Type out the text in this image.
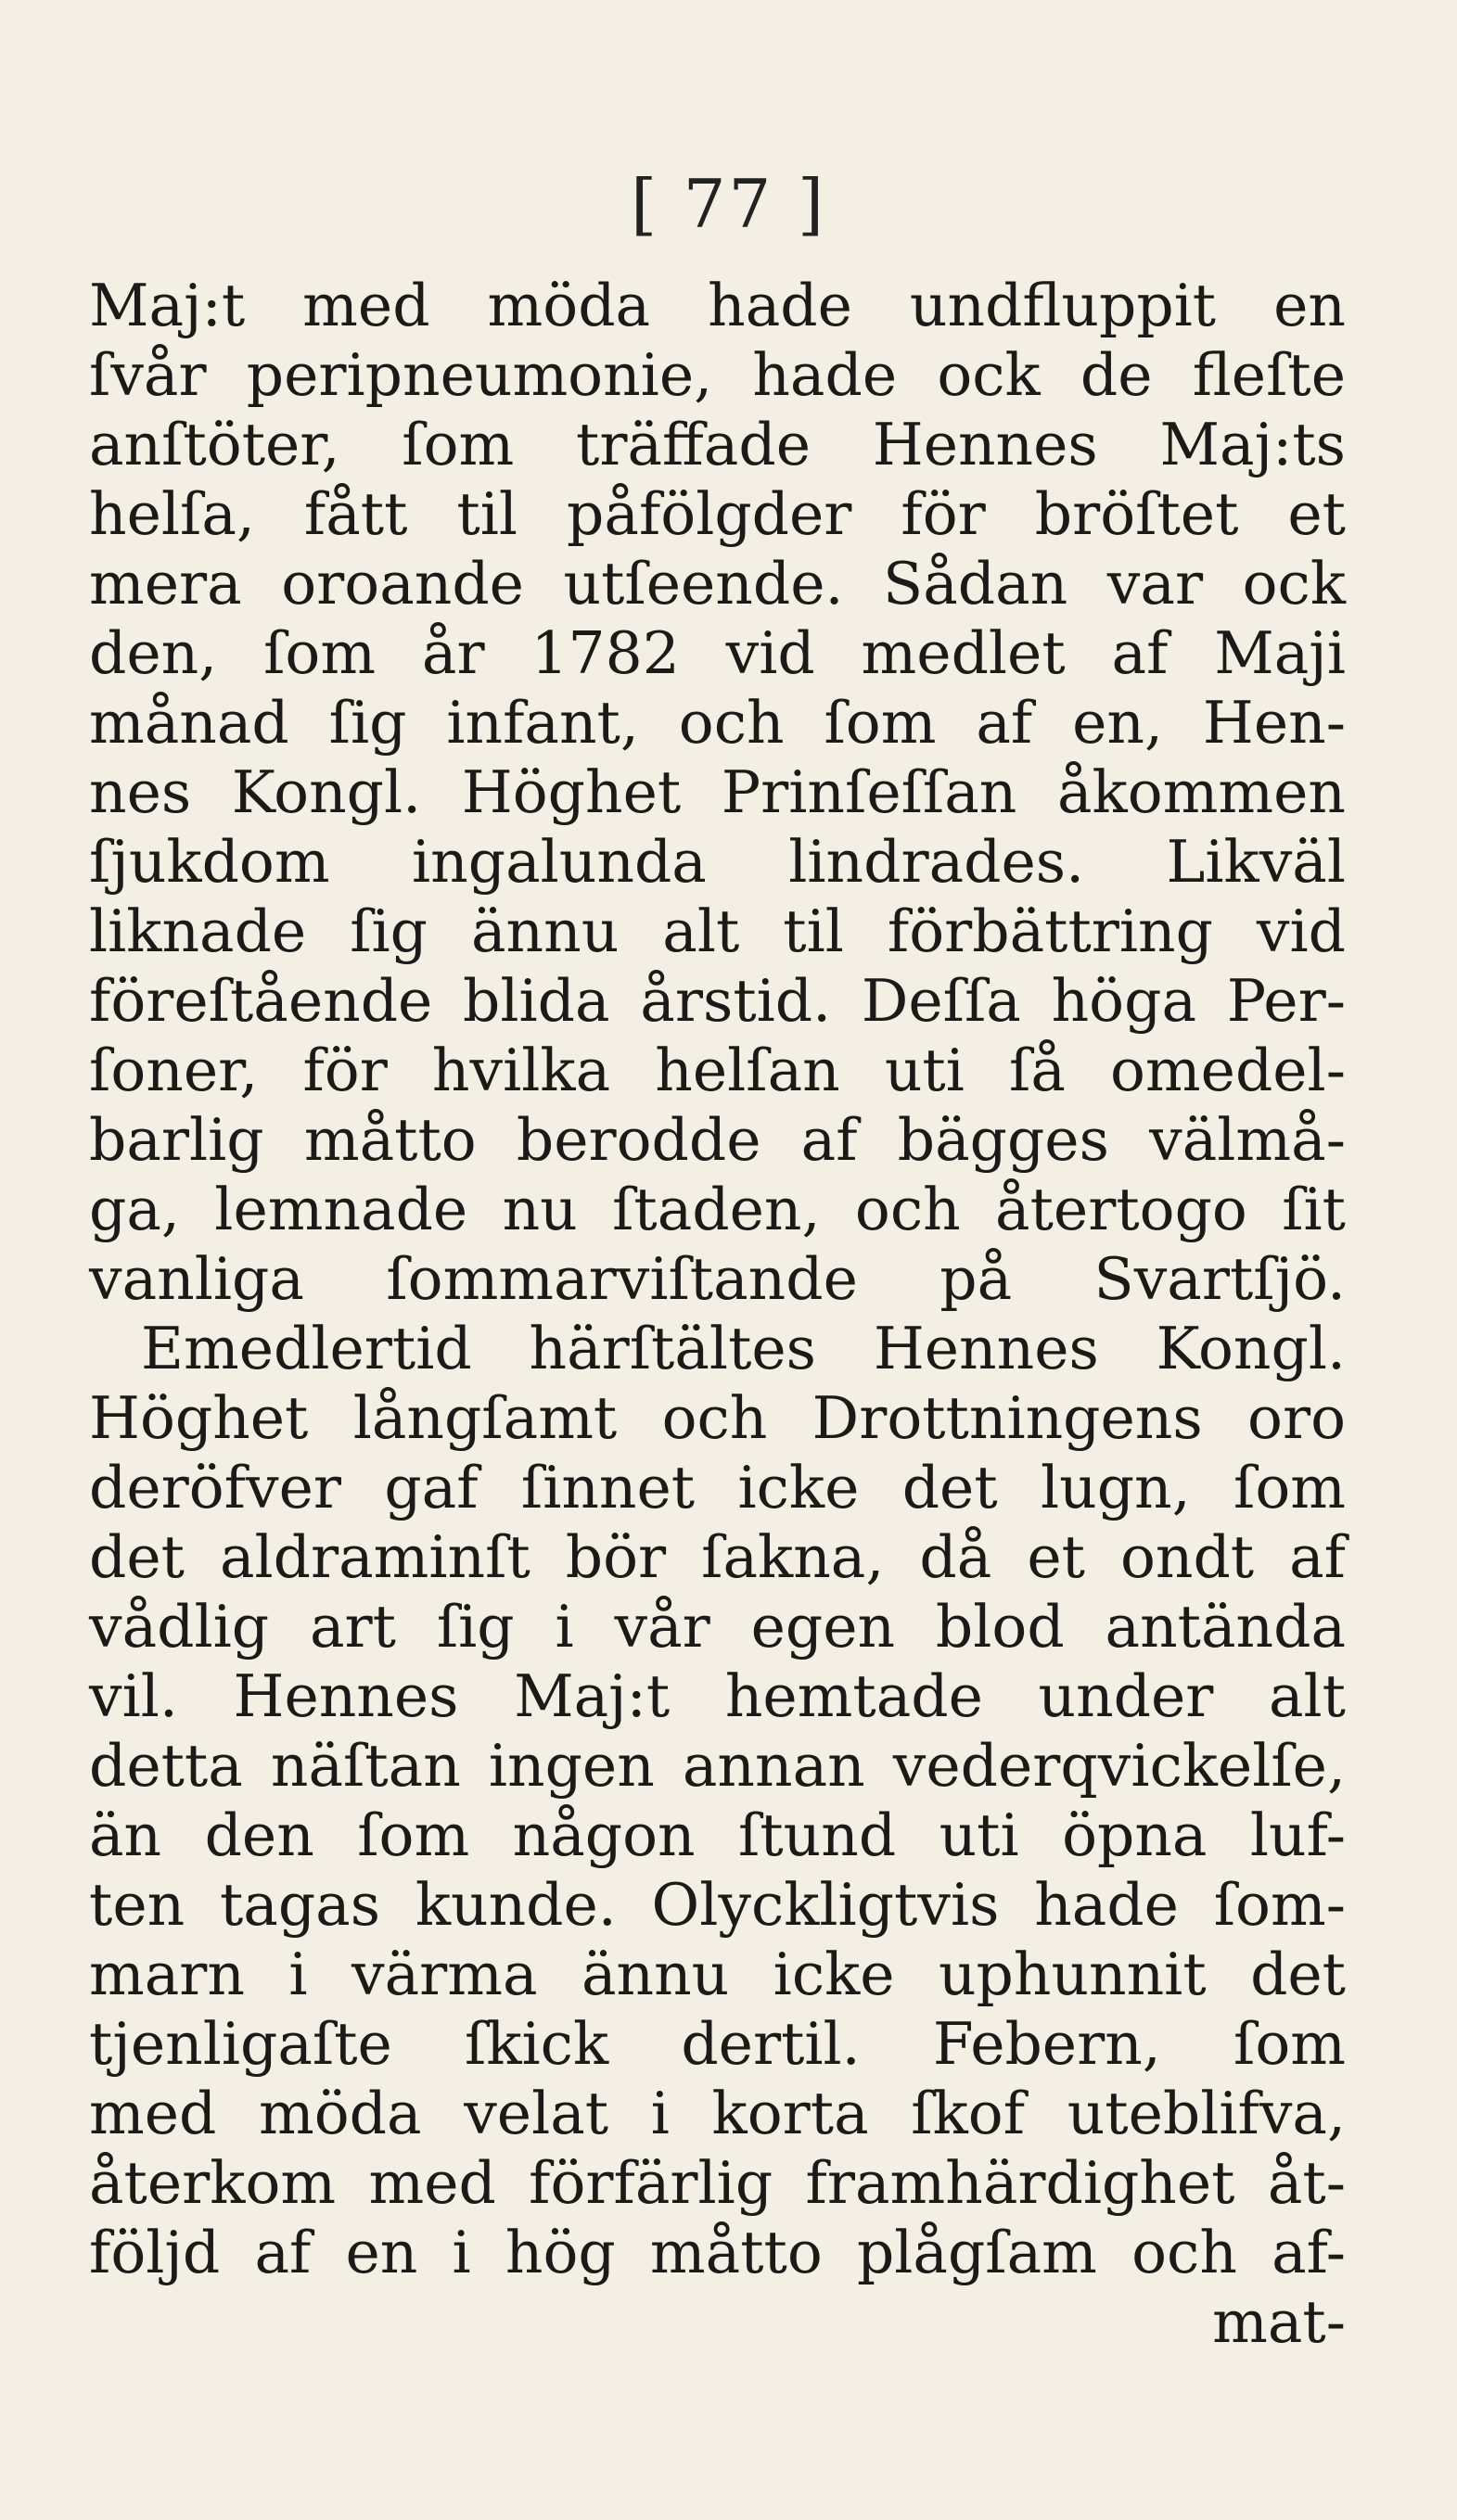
[ 77 ]
Maj:t med möda hade undfluppit en
ſvår peripneumonie, hade ock de fleſte
anſtöter, ſom träffade Hennes Maj:ts
helſa, fått til påfölgder för bröſtet et
mera oroande utſeende. Sådan var ock
den, ſom år 1782 vid medlet af Maji
månad ſig infant, och ſom af en, Hen-
nes Kongl. Höghet Prinſeſſan åkommen
ſjukdom ingalunda lindrades. Likväl
liknade ſig ännu alt til förbättring vid
föreſtående blida årstid. Deſſa höga Per-
ſoner, för hvilka helſan uti ſå omedel-
barlig måtto berodde af bägges välmå-
ga, lemnade nu ſtaden, och återtogo ſit
vanliga ſommarviſtande på Svartſjö.
Emedlertid härſtältes Hennes Kongl.
Höghet långſamt och Drottningens oro
deröfver gaf ſinnet icke det lugn, ſom
det aldraminſt bör ſakna, då et ondt af
vådlig art ſig i vår egen blod antända
vil. Hennes Maj:t hemtade under alt
detta näſtan ingen annan vederqvickelſe,
än den ſom någon ſtund uti öpna luf-
ten tagas kunde. Olyckligtvis hade ſom-
marn i värma ännu icke uphunnit det
tjenligaſte ſkick dertil. Febern, ſom
med möda velat i korta ſkof uteblifva,
återkom med förfärlig framhärdighet åt-
följd af en i hög måtto plågſam och af-
mat-
